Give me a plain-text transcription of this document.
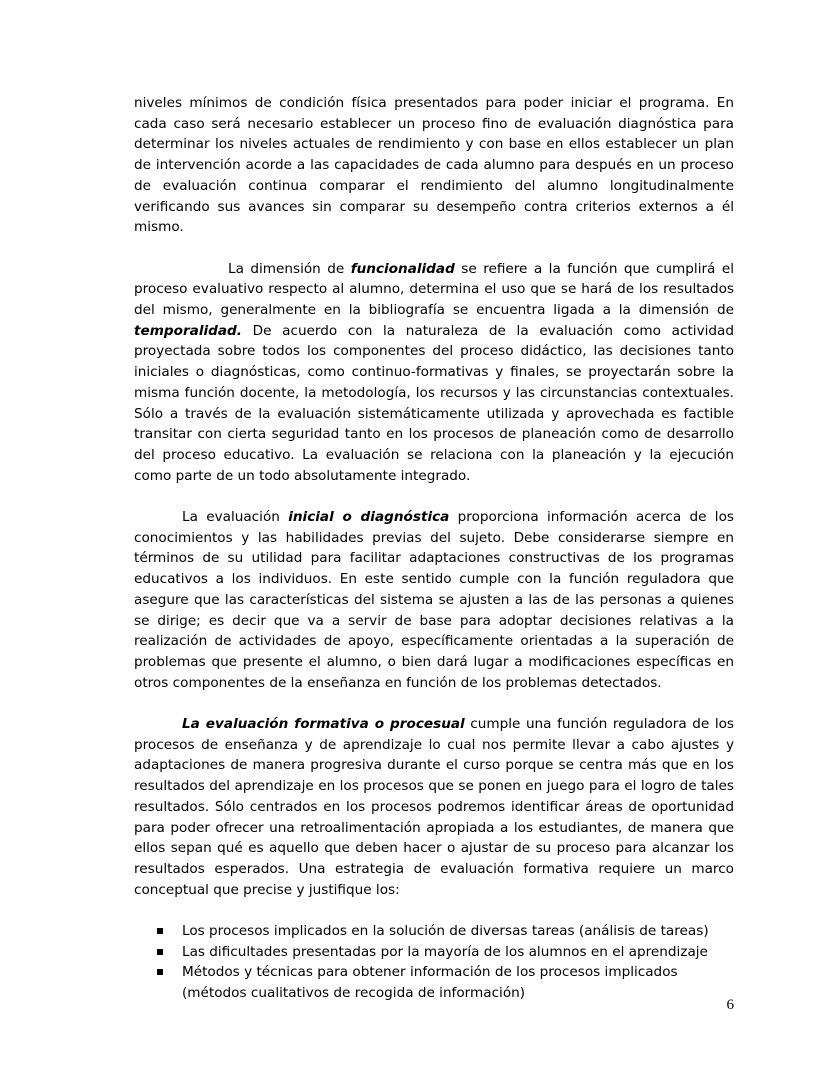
niveles mínimos de condición física presentados para poder iniciar el programa. En cada caso será necesario establecer un proceso fino de evaluación diagnóstica para determinar los niveles actuales de rendimiento y con base en ellos establecer un plan de intervención acorde a las capacidades de cada alumno para después en un proceso de evaluación continua comparar el rendimiento del alumno longitudinalmente verificando sus avances sin comparar su desempeño contra criterios externos a él mismo.

La dimensión de funcionalidad se refiere a la función que cumplirá el proceso evaluativo respecto al alumno, determina el uso que se hará de los resultados del mismo, generalmente en la bibliografía se encuentra ligada a la dimensión de temporalidad. De acuerdo con la naturaleza de la evaluación como actividad proyectada sobre todos los componentes del proceso didáctico, las decisiones tanto iniciales o diagnósticas, como continuo-formativas y finales, se proyectarán sobre la misma función docente, la metodología, los recursos y las circunstancias contextuales. Sólo a través de la evaluación sistemáticamente utilizada y aprovechada es factible transitar con cierta seguridad tanto en los procesos de planeación como de desarrollo del proceso educativo. La evaluación se relaciona con la planeación y la ejecución como parte de un todo absolutamente integrado.

La evaluación inicial o diagnóstica proporciona información acerca de los conocimientos y las habilidades previas del sujeto. Debe considerarse siempre en términos de su utilidad para facilitar adaptaciones constructivas de los programas educativos a los individuos. En este sentido cumple con la función reguladora que asegure que las características del sistema se ajusten a las de las personas a quienes se dirige; es decir que va a servir de base para adoptar decisiones relativas a la realización de actividades de apoyo, específicamente orientadas a la superación de problemas que presente el alumno, o bien dará lugar a modificaciones específicas en otros componentes de la enseñanza en función de los problemas detectados.

La evaluación formativa o procesual cumple una función reguladora de los procesos de enseñanza y de aprendizaje lo cual nos permite llevar a cabo ajustes y adaptaciones de manera progresiva durante el curso porque se centra más que en los resultados del aprendizaje en los procesos que se ponen en juego para el logro de tales resultados. Sólo centrados en los procesos podremos identificar áreas de oportunidad para poder ofrecer una retroalimentación apropiada a los estudiantes, de manera que ellos sepan qué es aquello que deben hacer o ajustar de su proceso para alcanzar los resultados esperados. Una estrategia de evaluación formativa requiere un marco conceptual que precise y justifique los:

Los procesos implicados en la solución de diversas tareas (análisis de tareas)
Las dificultades presentadas por la mayoría de los alumnos en el aprendizaje
Métodos y técnicas para obtener información de los procesos implicados (métodos cualitativos de recogida de información)
6
